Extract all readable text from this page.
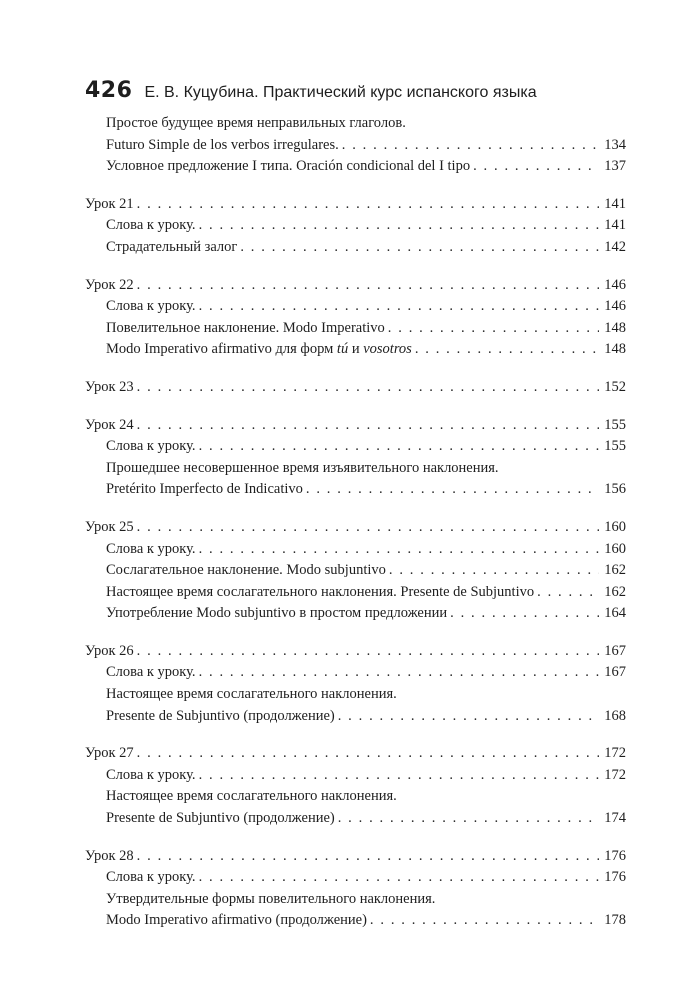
426 Е. В. Куцубина. Практический курс испанского языка
Простое будущее время неправильных глаголов.
Futuro Simple de los verbos irregulares. . . .	134
Условное предложение I типа. Oración condicional del I tipo . . .	137
Урок 21 . . .	141
Слова к уроку. . . .	141
Страдательный залог . . .	142
Урок 22 . . .	146
Слова к уроку. . . .	146
Повелительное наклонение. Modo Imperativo . . .	148
Modo Imperativo afirmativo для форм tú и vosotros . . .	148
Урок 23 . . .	152
Урок 24 . . .	155
Слова к уроку. . . .	155
Прошедшее несовершенное время изъявительного наклонения.
Pretérito Imperfecto de Indicativo . . .	156
Урок 25 . . .	160
Слова к уроку. . . .	160
Сослагательное наклонение. Modo subjuntivo . . .	162
Настоящее время сослагательного наклонения. Presente de Subjuntivo . . .	162
Употребление Modo subjuntivo в простом предложении . . .	164
Урок 26 . . .	167
Слова к уроку. . . .	167
Настоящее время сослагательного наклонения.
Presente de Subjuntivo (продолжение) . . .	168
Урок 27 . . .	172
Слова к уроку. . . .	172
Настоящее время сослагательного наклонения.
Presente de Subjuntivo (продолжение) . . .	174
Урок 28 . . .	176
Слова к уроку. . . .	176
Утвердительные формы повелительного наклонения.
Modo Imperativo afirmativo (продолжение) . . .	178
